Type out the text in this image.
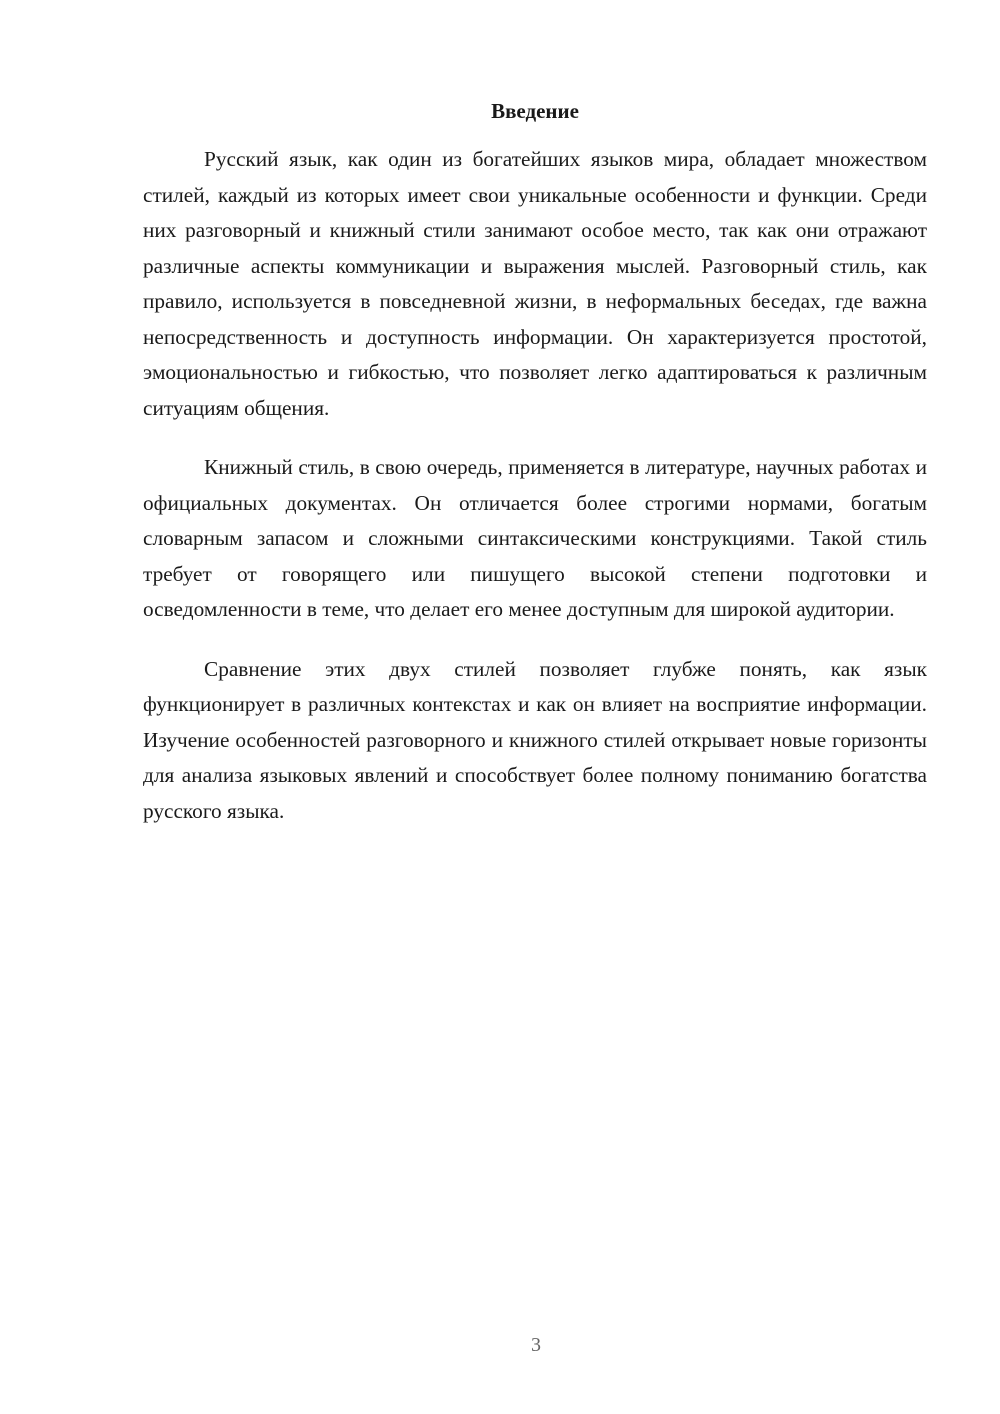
Введение

Русский язык, как один из богатейших языков мира, обладает множеством стилей, каждый из которых имеет свои уникальные особенности и функции. Среди них разговорный и книжный стили занимают особое место, так как они отражают различные аспекты коммуникации и выражения мыслей. Разговорный стиль, как правило, используется в повседневной жизни, в неформальных беседах, где важна непосредственность и доступность информации. Он характеризуется простотой, эмоциональностью и гибкостью, что позволяет легко адаптироваться к различным ситуациям общения.

Книжный стиль, в свою очередь, применяется в литературе, научных работах и официальных документах. Он отличается более строгими нормами, богатым словарным запасом и сложными синтаксическими конструкциями. Такой стиль требует от говорящего или пишущего высокой степени подготовки и осведомленности в теме, что делает его менее доступным для широкой аудитории.

Сравнение этих двух стилей позволяет глубже понять, как язык функционирует в различных контекстах и как он влияет на восприятие информации. Изучение особенностей разговорного и книжного стилей открывает новые горизонты для анализа языковых явлений и способствует более полному пониманию богатства русского языка.

3
